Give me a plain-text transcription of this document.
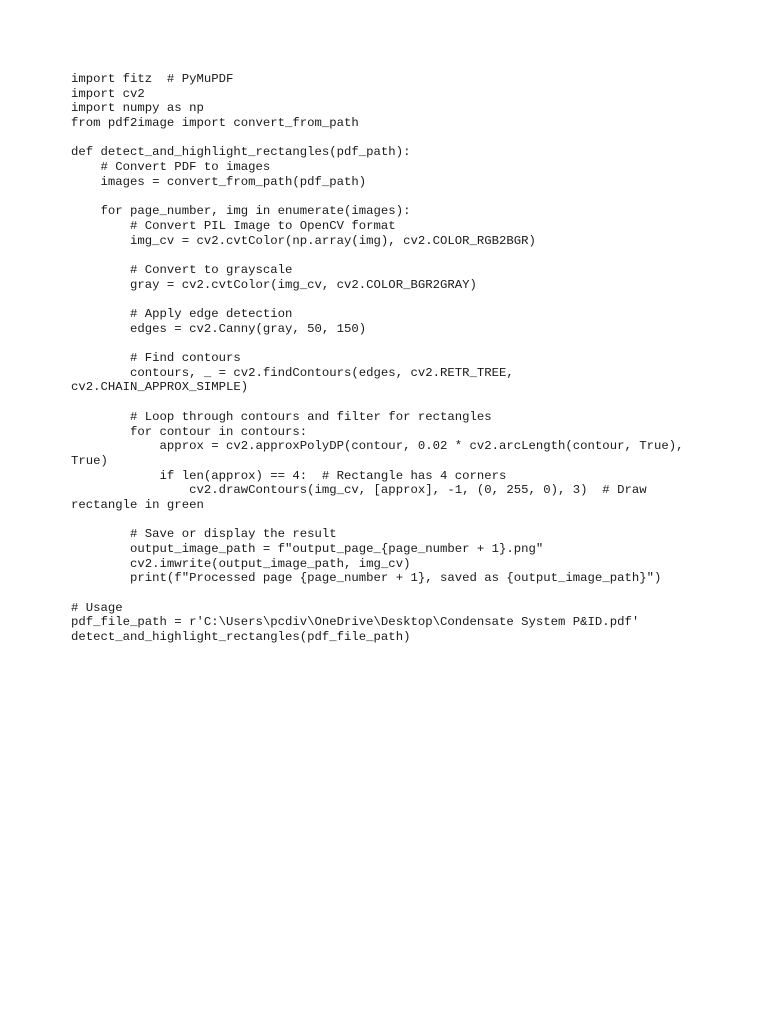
import fitz  # PyMuPDF
import cv2
import numpy as np
from pdf2image import convert_from_path
def detect_and_highlight_rectangles(pdf_path):
# Convert PDF to images
images = convert_from_path(pdf_path)
for page_number, img in enumerate(images):
# Convert PIL Image to OpenCV format
img_cv = cv2.cvtColor(np.array(img), cv2.COLOR_RGB2BGR)
# Convert to grayscale
gray = cv2.cvtColor(img_cv, cv2.COLOR_BGR2GRAY)
# Apply edge detection
edges = cv2.Canny(gray, 50, 150)
# Find contours
contours, _ = cv2.findContours(edges, cv2.RETR_TREE,
cv2.CHAIN_APPROX_SIMPLE)
# Loop through contours and filter for rectangles
for contour in contours:
approx = cv2.approxPolyDP(contour, 0.02 * cv2.arcLength(contour, True),
True)
if len(approx) == 4:  # Rectangle has 4 corners
cv2.drawContours(img_cv, [approx], -1, (0, 255, 0), 3)  # Draw
rectangle in green
# Save or display the result
output_image_path = f"output_page_{page_number + 1}.png"
cv2.imwrite(output_image_path, img_cv)
print(f"Processed page {page_number + 1}, saved as {output_image_path}")
# Usage
pdf_file_path = r'C:\Users\pcdiv\OneDrive\Desktop\Condensate System P&ID.pdf'
detect_and_highlight_rectangles(pdf_file_path)
